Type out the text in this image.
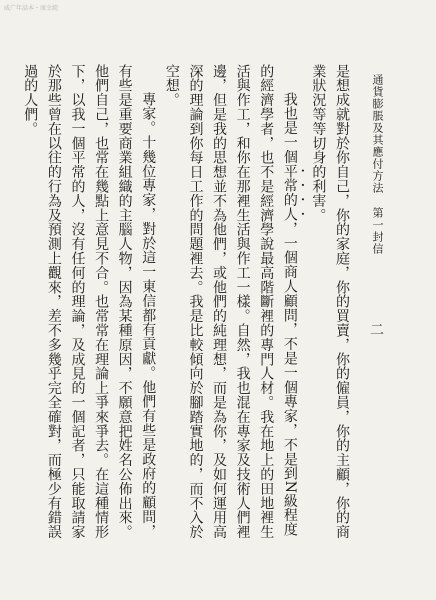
威广年話本・康幸純
通貨膨脹及其應付方法 第一封信
二

是想成就對於你自己，你的家庭，你的買賣，你的僱員，你的主顧，你的商業狀況等等切身的利害。

我也是一個平常的人，一個商人顧問，不是一個專家，不是到N級程度的經濟學者，也不是經濟學說最高階斷裡的專門人材。我在地上的田地裡生活與作工，和你在那裡生活與作工一樣。自然，我也混在專家及技術人們裡邊，但是我的思想並不為他們，或他們的純理想，而是為你，及如何運用高深的理論到你每日工作的問題裡去。我是比較傾向於腳踏實地的，而不入於空想。

專家。十幾位專家，對於這一東信都有貢獻。他們有些是政府的顧問，有些是重要商業組織的主腦人物，因為某種原因，不願意把姓名公佈出來。他們自己，也常在幾點上意見不合。也常常在理論上爭來爭去。在這種情形下，以我一個平常的人，沒有任何的理論，及成見的一個記者，只能取請家於那些曾在以往的行為及預測上觀來，差不多幾乎完全確對，而極少有錯誤過的人們。
